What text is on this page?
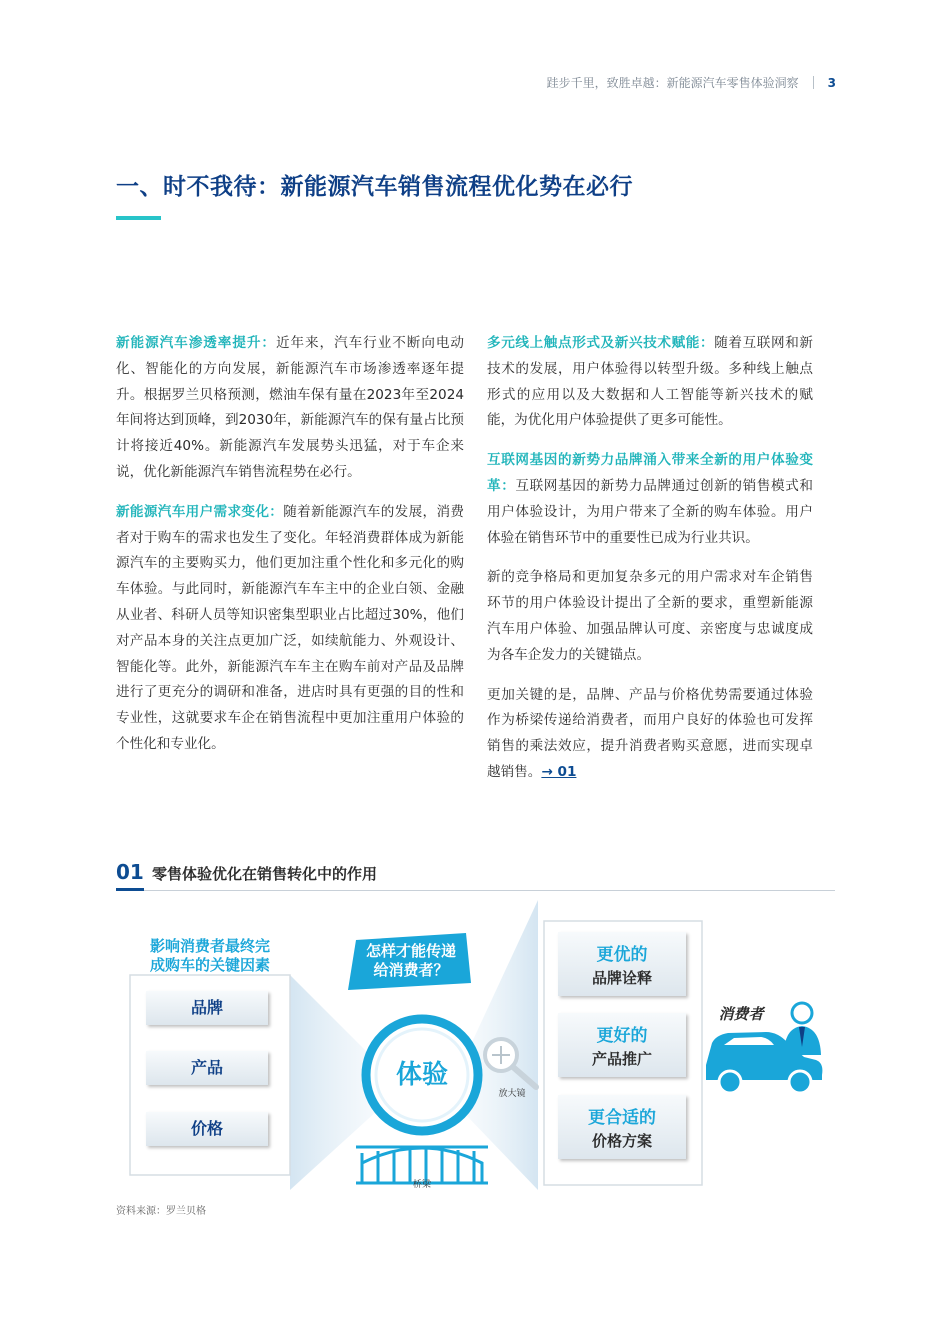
跬步千里，致胜卓越：新能源汽车零售体验洞察 3
一、时不我待：新能源汽车销售流程优化势在必行

新能源汽车渗透率提升：近年来，汽车行业不断向电动化、智能化的方向发展，新能源汽车市场渗透率逐年提升。根据罗兰贝格预测，燃油车保有量在2023年至2024年间将达到顶峰，到2030年，新能源汽车的保有量占比预计将接近40%。新能源汽车发展势头迅猛，对于车企来说，优化新能源汽车销售流程势在必行。

新能源汽车用户需求变化：随着新能源汽车的发展，消费者对于购车的需求也发生了变化。年轻消费群体成为新能源汽车的主要购买力，他们更加注重个性化和多元化的购车体验。与此同时，新能源汽车车主中的企业白领、金融从业者、科研人员等知识密集型职业占比超过30%，他们对产品本身的关注点更加广泛，如续航能力、外观设计、智能化等。此外，新能源汽车车主在购车前对产品及品牌进行了更充分的调研和准备，进店时具有更强的目的性和专业性，这就要求车企在销售流程中更加注重用户体验的个性化和专业化。

多元线上触点形式及新兴技术赋能：随着互联网和新技术的发展，用户体验得以转型升级。多种线上触点形式的应用以及大数据和人工智能等新兴技术的赋能，为优化用户体验提供了更多可能性。

互联网基因的新势力品牌涌入带来全新的用户体验变革：互联网基因的新势力品牌通过创新的销售模式和用户体验设计，为用户带来了全新的购车体验。用户体验在销售环节中的重要性已成为行业共识。

新的竞争格局和更加复杂多元的用户需求对车企销售环节的用户体验设计提出了全新的要求，重塑新能源汽车用户体验、加强品牌认可度、亲密度与忠诚度成为各车企发力的关键锚点。

更加关键的是，品牌、产品与价格优势需要通过体验作为桥梁传递给消费者，而用户良好的体验也可发挥销售的乘法效应，提升消费者购买意愿，进而实现卓越销售。→ 01

01 零售体验优化在销售转化中的作用
影响消费者最终完
成购车的关键因素
品牌
产品
价格
怎样才能传递
给消费者？
体验
放大镜
桥梁
更优的
品牌诠释
更好的
产品推广
更合适的
价格方案
消费者
资料来源：罗兰贝格
